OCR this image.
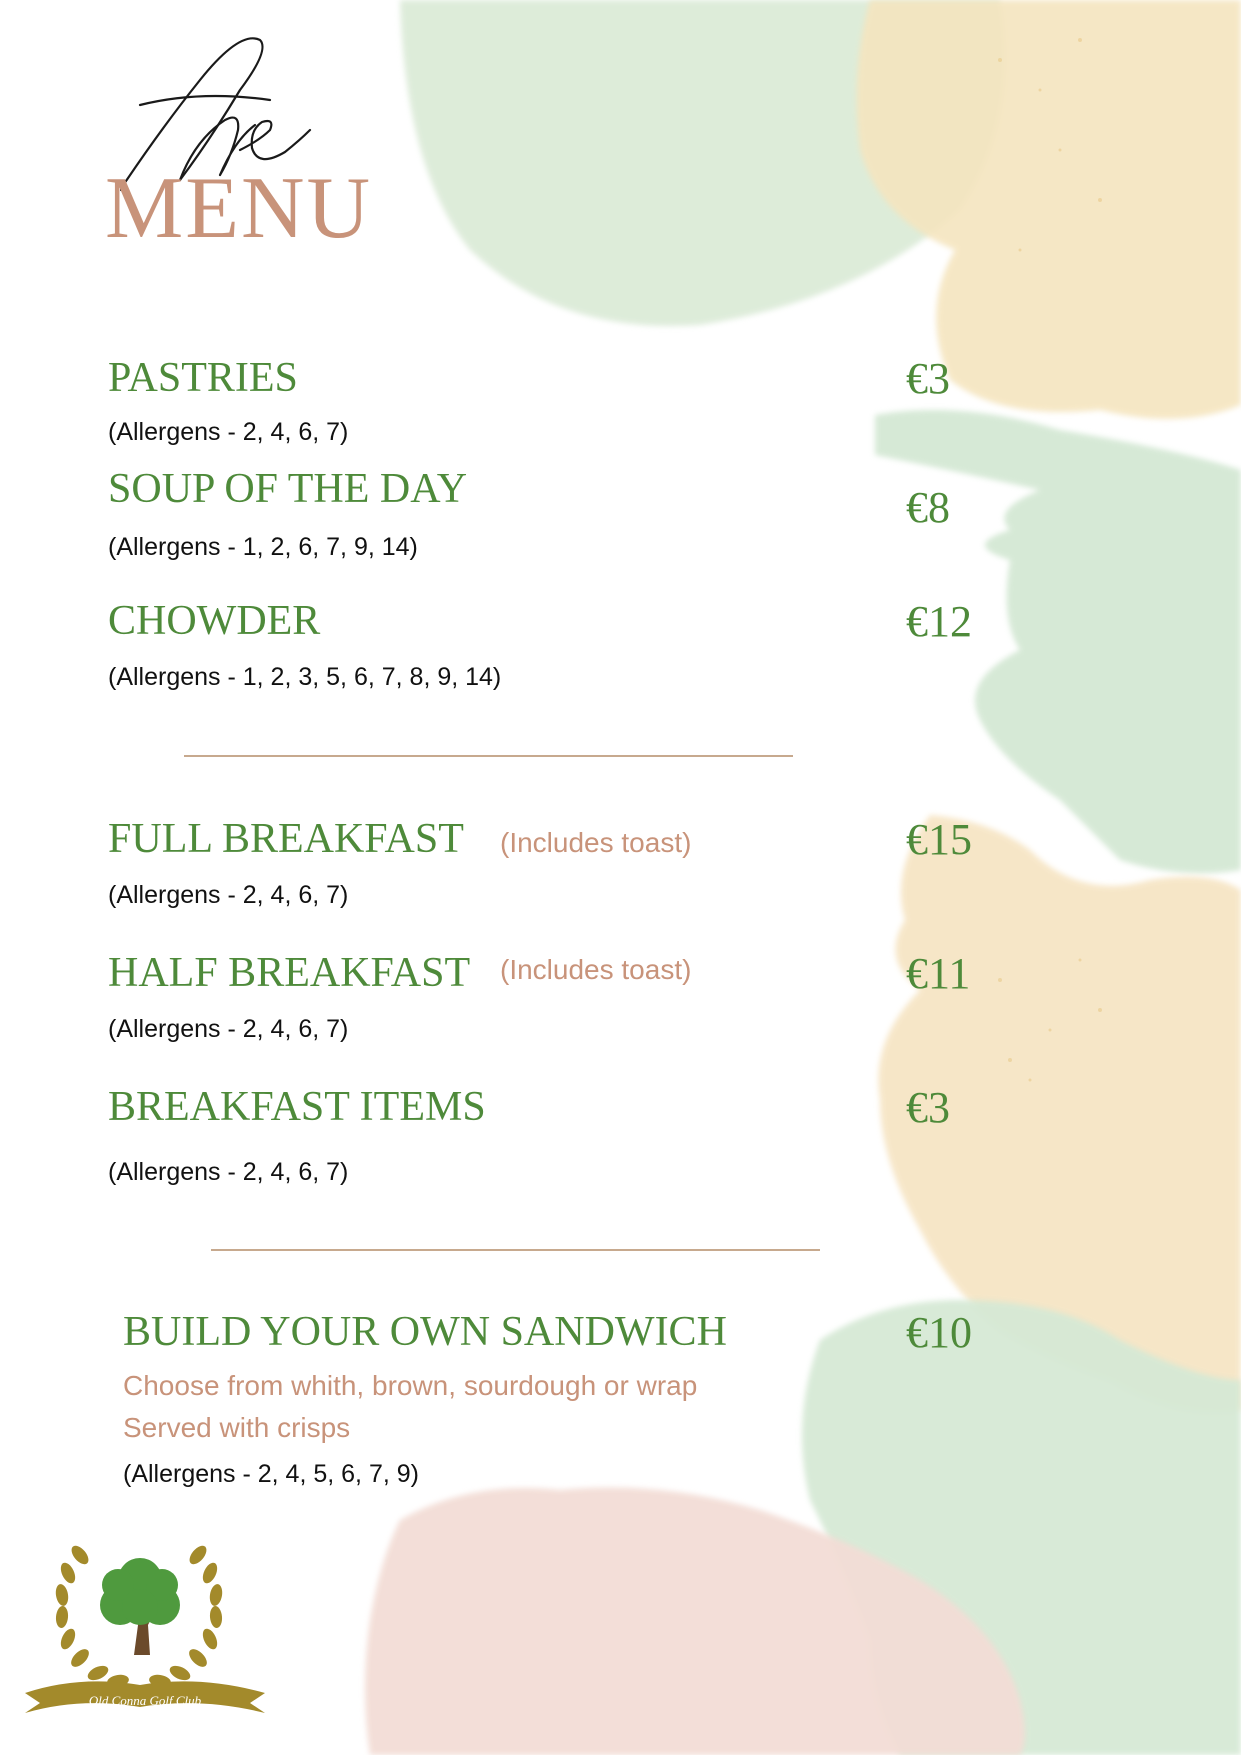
MENU
PASTRIES	€3
(Allergens - 2, 4, 6, 7)
SOUP OF THE DAY	€8
(Allergens - 1, 2, 6, 7, 9, 14)
CHOWDER	€12
(Allergens - 1, 2, 3, 5, 6, 7, 8, 9, 14)
FULL BREAKFAST (Includes toast)	€15
(Allergens - 2, 4, 6, 7)
HALF BREAKFAST (Includes toast)	€11
(Allergens - 2, 4, 6, 7)
BREAKFAST ITEMS	€3
(Allergens - 2, 4, 6, 7)
BUILD YOUR OWN SANDWICH	€10
Choose from whith, brown, sourdough or wrap
Served with crisps
(Allergens - 2, 4, 5, 6, 7, 9)
Old Conna Golf Club
